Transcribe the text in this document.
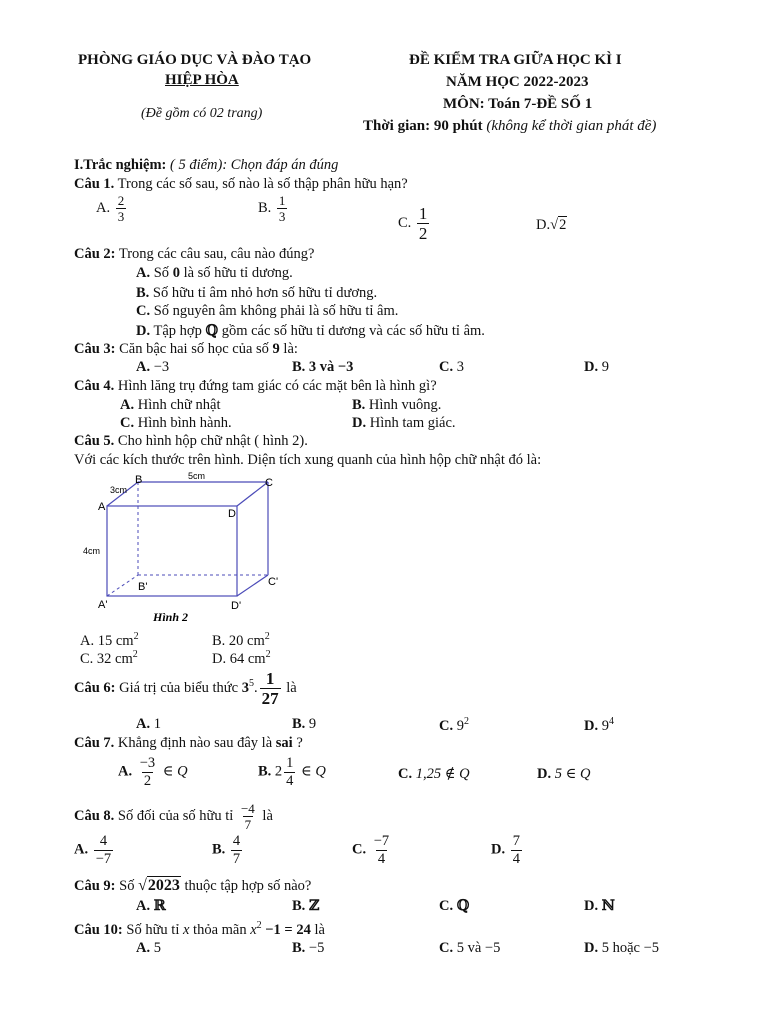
PHÒNG GIÁO DỤC VÀ ĐÀO TẠO
HIỆP HÒA
(Đề gồm có 02 trang)
ĐỀ KIỂM TRA GIỮA HỌC KÌ I
NĂM HỌC 2022-2023
MÔN: Toán 7-ĐỀ SỐ 1
Thời gian: 90 phút (không kể thời gian phát đề)
I.Trắc nghiệm: ( 5 điểm): Chọn đáp án đúng
Câu 1. Trong các số sau, số nào là số thập phân hữu hạn?
A. $\frac{2}{3}$	B. $\frac{1}{3}$	C. $\frac{1}{2}$	D.√2
Câu 2: Trong các câu sau, câu nào đúng?
A. Số 0 là số hữu tỉ dương.
B. Số hữu tỉ âm nhỏ hơn số hữu tỉ dương.
C. Số nguyên âm không phải là số hữu tỉ âm.
D. Tập hợp ℚ gồm các số hữu tỉ dương và các số hữu tỉ âm.
Câu 3: Căn bậc hai số học của số 9 là:
A. −3	B. 3 và −3	C. 3	D. 9
Câu 4. Hình lăng trụ đứng tam giác có các mặt bên là hình gì?
A. Hình chữ nhật	B. Hình vuông.
C. Hình bình hành.	D. Hình tam giác.
Câu 5. Cho hình hộp chữ nhật ( hình 2).
Với các kích thước trên hình. Diện tích xung quanh của hình hộp chữ nhật đó là:
B	C
A
D
B'	C'
A'	D'
5cm
3cm
4cm
Hình 2
A. 15 $cm^2$	B. 20 $cm^2$
C. 32 $cm^2$	D. 64 $cm^2$
Câu 6: Giá trị của biểu thức $3^5$. $\frac{1}{27}$ là
A. 1	B. 9	C. $9^2$	D. $9^4$
Câu 7. Khẳng định nào sau đây là sai ?
A. $\frac{-3}{2}$ ∈ Q	B. $2 \frac{1}{4}$ ∈ Q	C. 1,25 ∉ Q	D. 5 ∈ Q
Câu 8. Số đối của số hữu tỉ $\frac{-4}{7}$ là
A. $\frac{4}{-7}$	B. $\frac{4}{7}$	C. $\frac{-7}{4}$	D. $\frac{7}{4}$
Câu 9: Số √2023 thuộc tập hợp số nào?
A. ℝ	B. ℤ	C. ℚ	D. ℕ
Câu 10: Số hữu tỉ x thỏa mãn $x^2 -1 = 24$ là
A. 5	B. −5	C. 5 và −5	D. 5 hoặc −5
